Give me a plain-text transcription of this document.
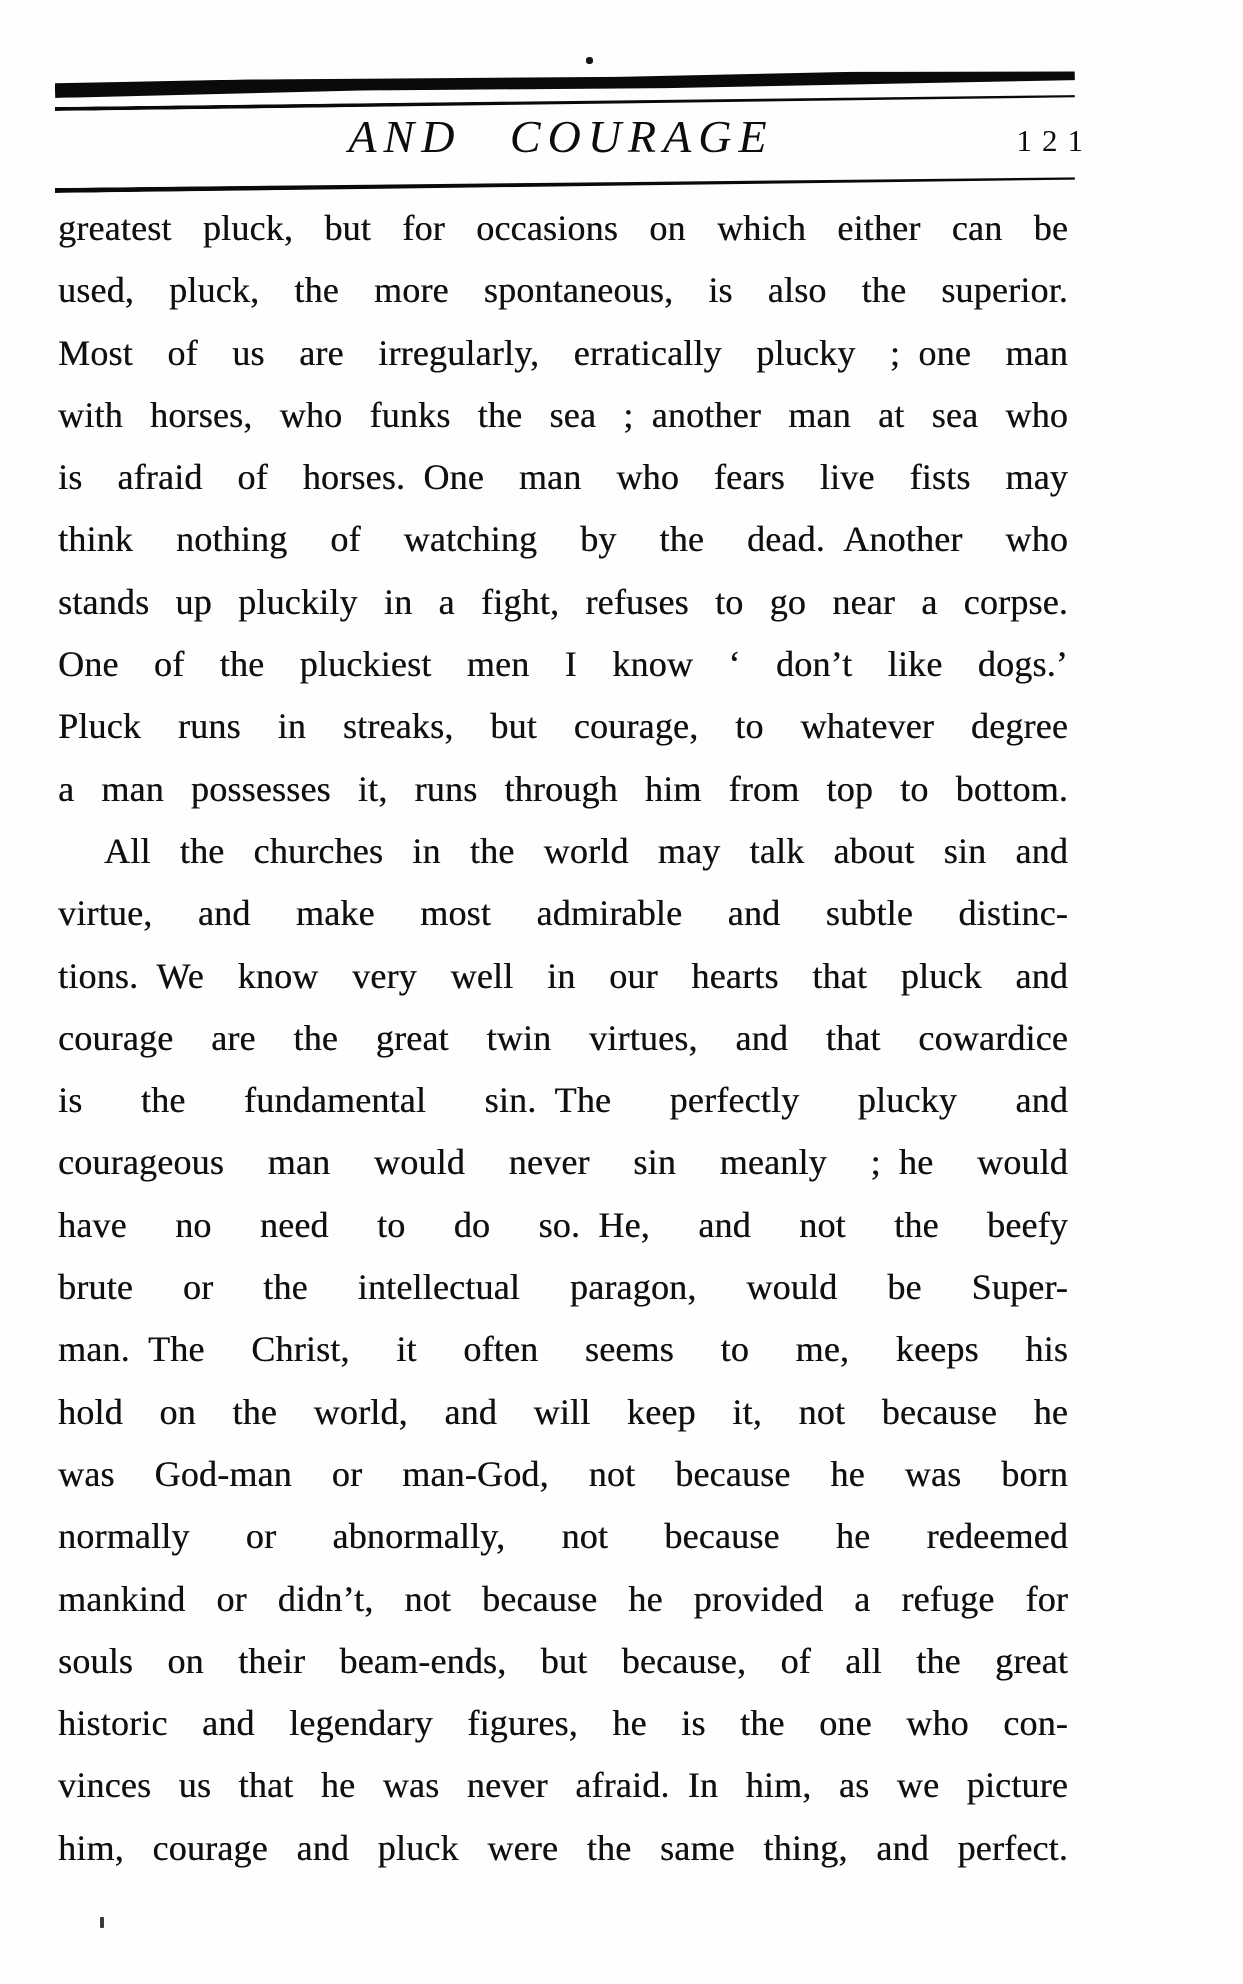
AND COURAGE	121
greatest pluck, but for occasions on which either can be
used, pluck, the more spontaneous, is also the superior.
Most of us are irregularly, erratically plucky ; one man
with horses, who funks the sea ; another man at sea who
is afraid of horses. One man who fears live fists may
think nothing of watching by the dead. Another who
stands up pluckily in a fight, refuses to go near a corpse.
One of the pluckiest men I know ‘ don’t like dogs.’
Pluck runs in streaks, but courage, to whatever degree
a man possesses it, runs through him from top to bottom.
All the churches in the world may talk about sin and
virtue, and make most admirable and subtle distinc-
tions. We know very well in our hearts that pluck and
courage are the great twin virtues, and that cowardice
is the fundamental sin. The perfectly plucky and
courageous man would never sin meanly ; he would
have no need to do so. He, and not the beefy
brute or the intellectual paragon, would be Super-
man. The Christ, it often seems to me, keeps his
hold on the world, and will keep it, not because he
was God-man or man-God, not because he was born
normally or abnormally, not because he redeemed
mankind or didn’t, not because he provided a refuge for
souls on their beam-ends, but because, of all the great
historic and legendary figures, he is the one who con-
vinces us that he was never afraid. In him, as we picture
him, courage and pluck were the same thing, and perfect.
